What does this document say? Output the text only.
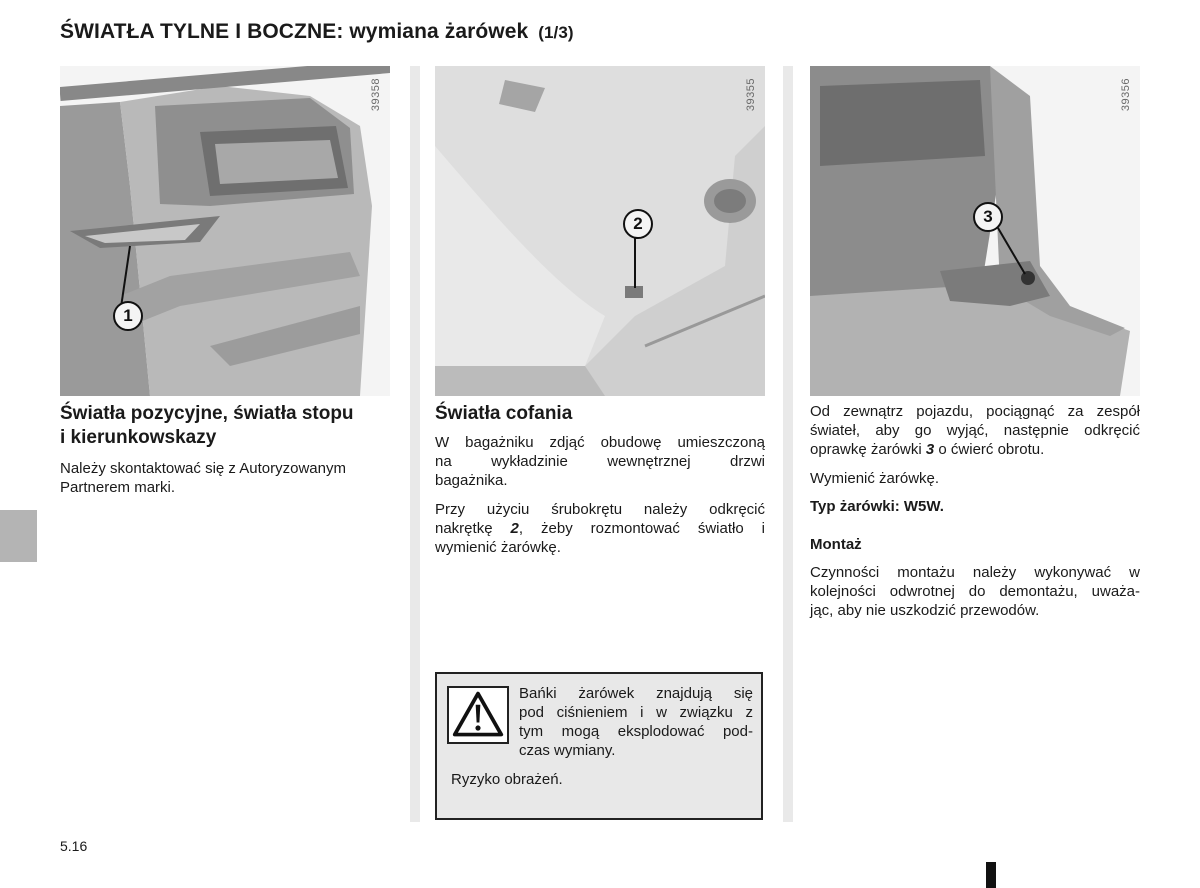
ŚWIATŁA TYLNE I BOCZNE: wymiana żarówek (1/3)
39358
1
39355
2
39356
3
Światła pozycyjne, światła stopu
i kierunkowskazy

Należy skontaktować się z Autoryzowanym Partnerem marki.

Światła cofania
W bagażniku zdjąć obudowę umieszczoną
na wykładzinie wewnętrznej drzwi
bagażnika.
Przy użyciu śrubokrętu należy odkręcić
nakrętkę 2, żeby rozmontować światło i
wymienić żarówkę.
Od zewnątrz pojazdu, pociągnąć za zespół
świateł, aby go wyjąć, następnie odkręcić
oprawkę żarówki 3 o ćwierć obrotu.
Wymienić żarówkę.
Typ żarówki: W5W.
Montaż
Czynności montażu należy wykonywać w
kolejności odwrotnej do demontażu, uważa-
jąc, aby nie uszkodzić przewodów.
Bańki żarówek znajdują się
pod ciśnieniem i w związku z
tym mogą eksplodować pod-
czas wymiany.
Ryzyko obrażeń.
5.16
